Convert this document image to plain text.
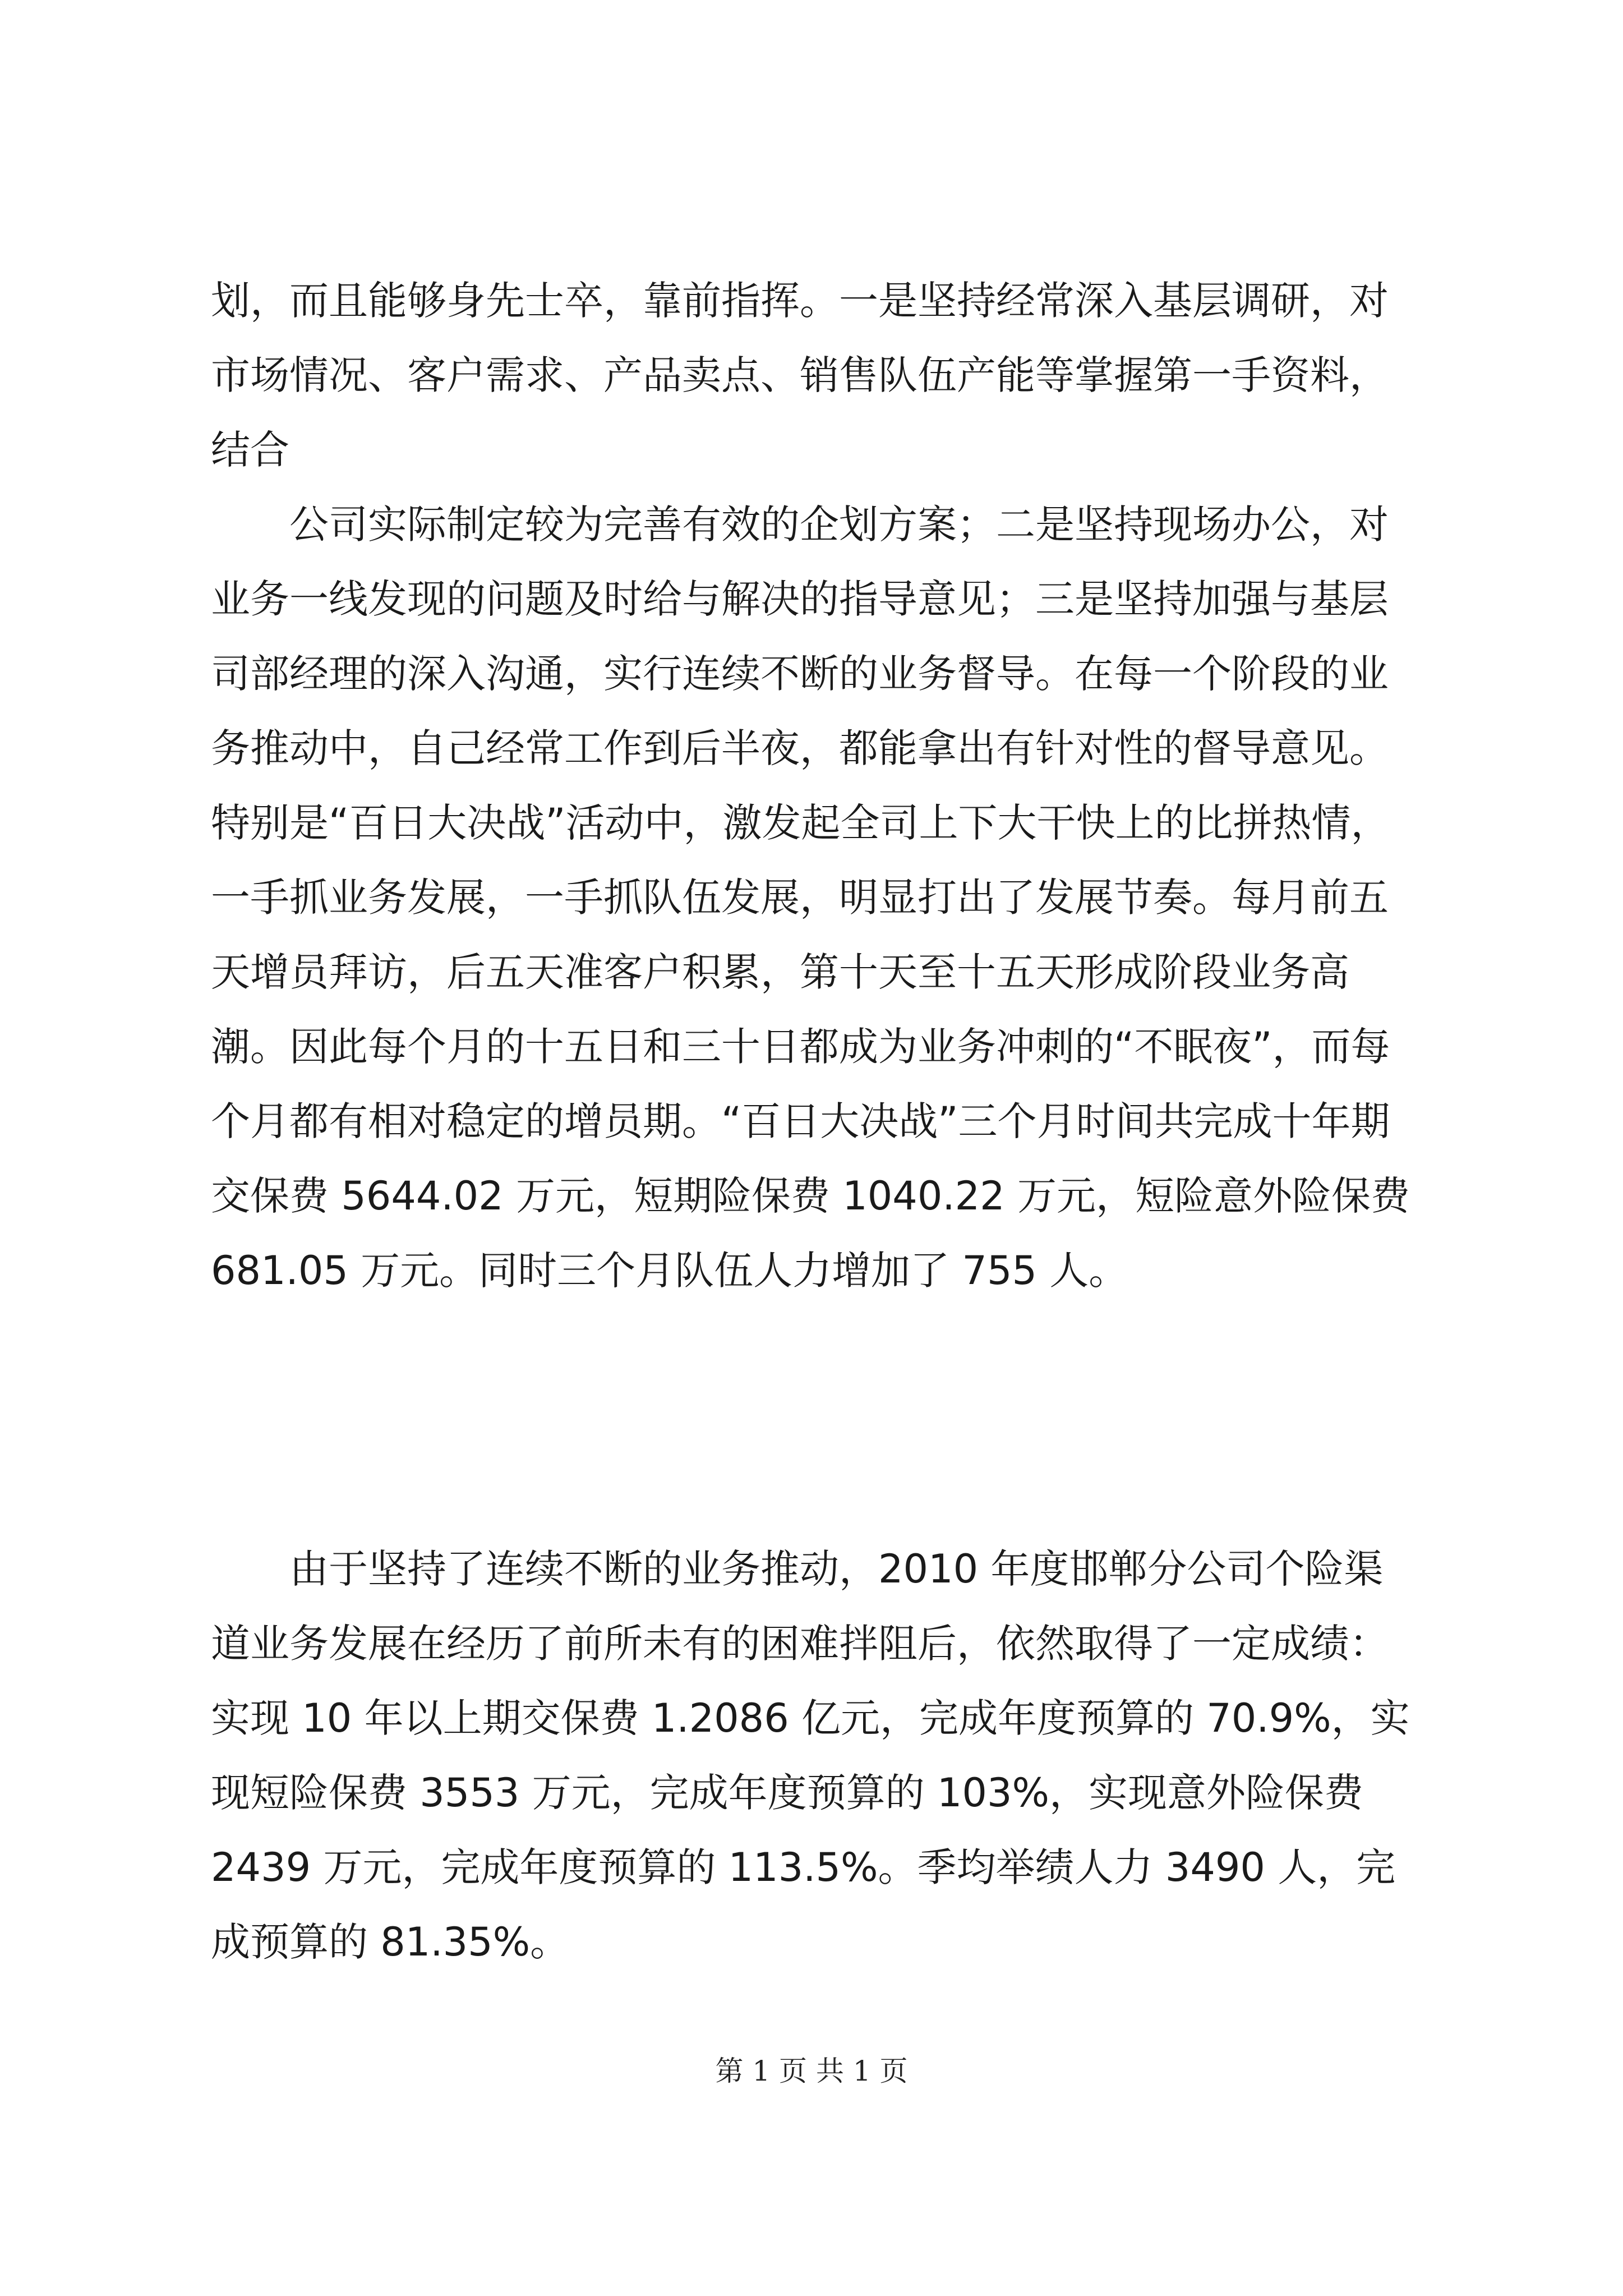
划，而且能够身先士卒，靠前指挥。一是坚持经常深入基层调研，对市场情况、客户需求、产品卖点、销售队伍产能等掌握第一手资料，结合

公司实际制定较为完善有效的企划方案；二是坚持现场办公，对业务一线发现的问题及时给与解决的指导意见；三是坚持加强与基层司部经理的深入沟通，实行连续不断的业务督导。在每一个阶段的业务推动中，自己经常工作到后半夜，都能拿出有针对性的督导意见。特别是“百日大决战”活动中，激发起全司上下大干快上的比拼热情，一手抓业务发展，一手抓队伍发展，明显打出了发展节奏。每月前五天增员拜访，后五天准客户积累，第十天至十五天形成阶段业务高潮。因此每个月的十五日和三十日都成为业务冲刺的“不眠夜”，而每个月都有相对稳定的增员期。“百日大决战”三个月时间共完成十年期交保费 5644.02 万元，短期险保费 1040.22 万元，短险意外险保费 681.05 万元。同时三个月队伍人力增加了 755 人。

由于坚持了连续不断的业务推动，2010 年度邯郸分公司个险渠道业务发展在经历了前所未有的困难拌阻后，依然取得了一定成绩：实现 10 年以上期交保费 1.2086 亿元，完成年度预算的 70.9%，实现短险保费 3553 万元，完成年度预算的 103%，实现意外险保费 2439 万元，完成年度预算的 113.5%。季均举绩人力 3490 人，完成预算的 81.35%。

第 1 页 共 1 页
